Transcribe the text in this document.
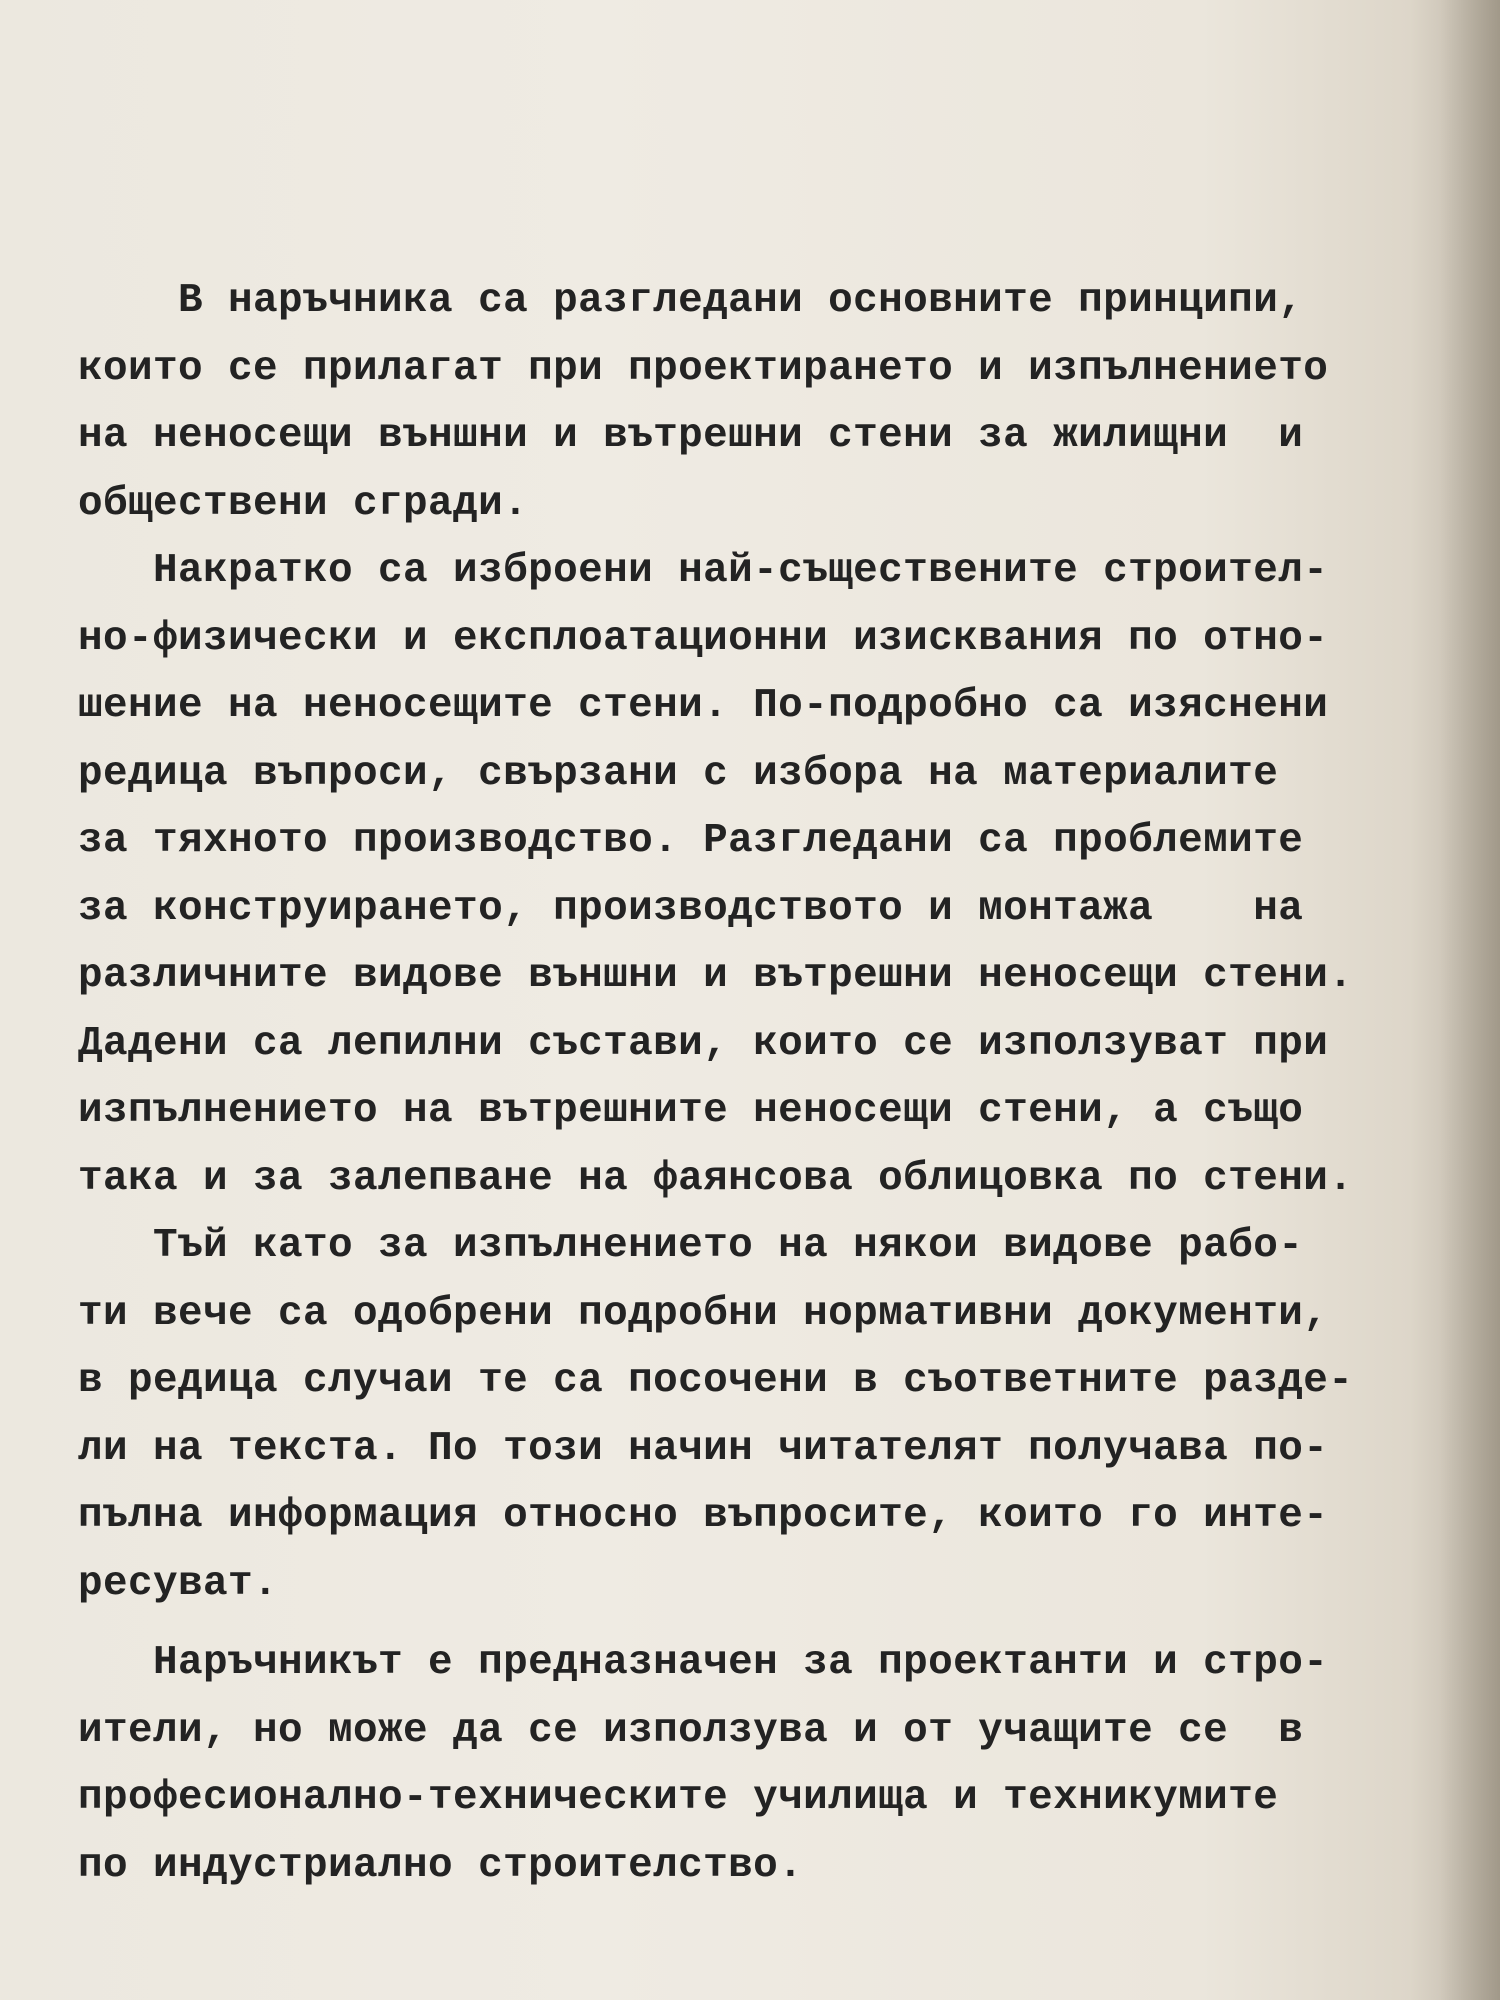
В наръчника са разгледани основните принципи,
които се прилагат при проектирането и изпълнението
на неносещи външни и вътрешни стени за жилищни  и
обществени сгради.

Накратко са изброени най-съществените строител-
но-физически и експлоатационни изисквания по отно-
шение на неносещите стени. По-подробно са изяснени
редица въпроси, свързани с избора на материалите
за тяхното производство. Разгледани са проблемите
за конструирането, производството и монтажа    на
различните видове външни и вътрешни неносещи стени.
Дадени са лепилни състави, които се използуват при
изпълнението на вътрешните неносещи стени, а също
така и за залепване на фаянсова облицовка по стени.

Тъй като за изпълнението на някои видове рабо-
ти вече са одобрени подробни нормативни документи,
в редица случаи те са посочени в съответните разде-
ли на текста. По този начин читателят получава по-
пълна информация относно въпросите, които го инте-
ресуват.

Наръчникът е предназначен за проектанти и стро-
ители, но може да се използува и от учащите се  в
професионално-техническите училища и техникумите
по индустриално строителство.
